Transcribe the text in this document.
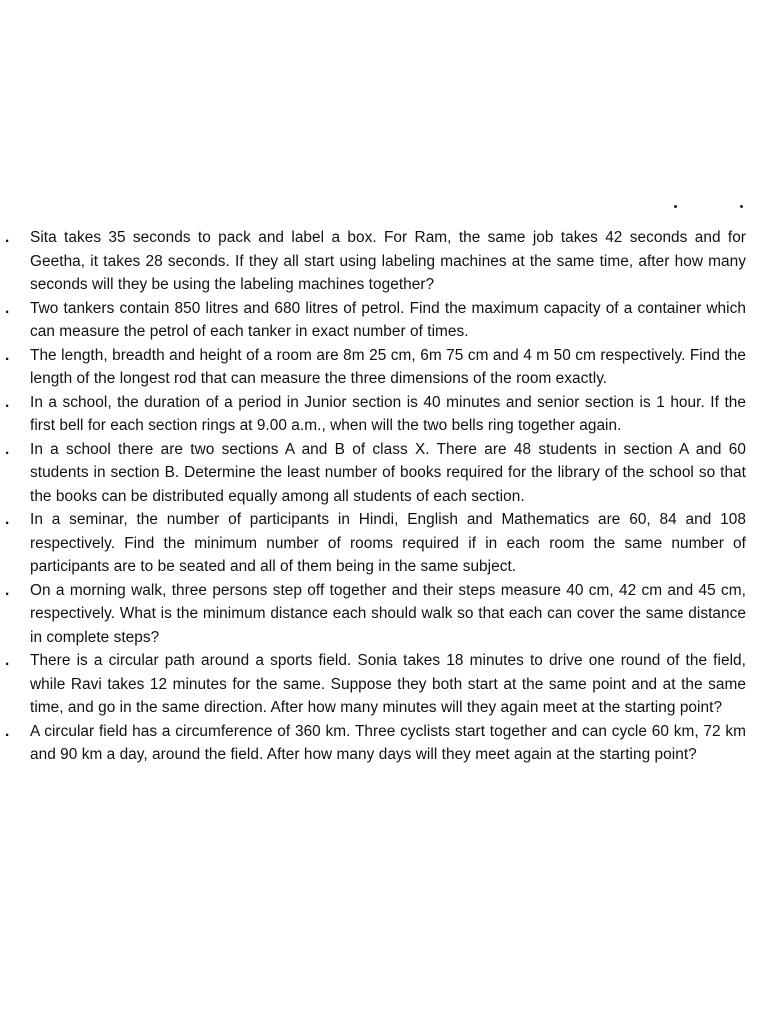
. Sita takes 35 seconds to pack and label a box. For Ram, the same job takes 42 seconds and for Geetha, it takes 28 seconds. If they all start using labeling machines at the same time, after how many seconds will they be using the labeling machines together?
. Two tankers contain 850 litres and 680 litres of petrol. Find the maximum capacity of a container which can measure the petrol of each tanker in exact number of times.
. The length, breadth and height of a room are 8m 25 cm, 6m 75 cm and 4 m 50 cm respectively. Find the length of the longest rod that can measure the three dimensions of the room exactly.
. In a school, the duration of a period in Junior section is 40 minutes and senior section is 1 hour. If the first bell for each section rings at 9.00 a.m., when will the two bells ring together again.
. In a school there are two sections A and B of class X. There are 48 students in section A and 60 students in section B. Determine the least number of books required for the library of the school so that the books can be distributed equally among all students of each section.
. In a seminar, the number of participants in Hindi, English and Mathematics are 60, 84 and 108 respectively. Find the minimum number of rooms required if in each room the same number of participants are to be seated and all of them being in the same subject.
. On a morning walk, three persons step off together and their steps measure 40 cm, 42 cm and 45 cm, respectively. What is the minimum distance each should walk so that each can cover the same distance in complete steps?
. There is a circular path around a sports field. Sonia takes 18 minutes to drive one round of the field, while Ravi takes 12 minutes for the same. Suppose they both start at the same point and at the same time, and go in the same direction. After how many minutes will they again meet at the starting point?
. A circular field has a circumference of 360 km. Three cyclists start together and can cycle 60 km, 72 km and 90 km a day, around the field. After how many days will they meet again at the starting point?
